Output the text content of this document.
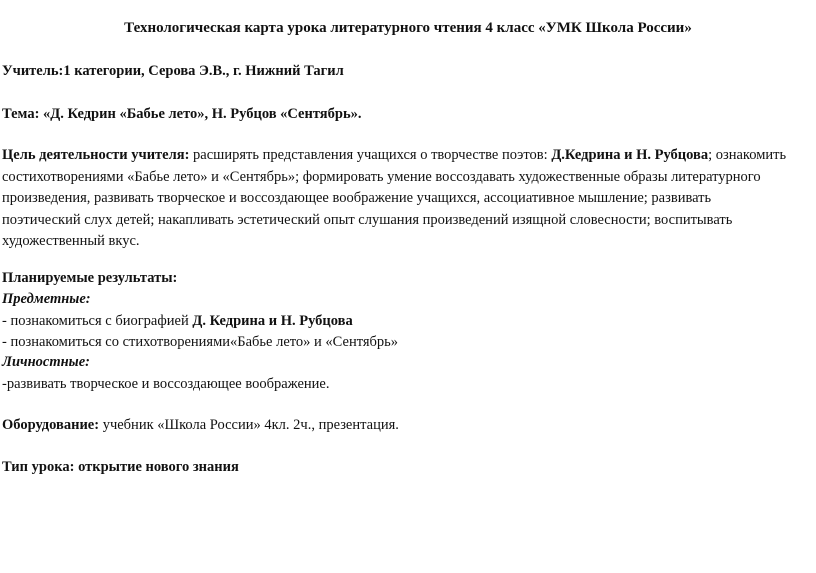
Технологическая карта урока литературного чтения 4 класс «УМК Школа России»
Учитель:1 категории, Серова Э.В., г. Нижний Тагил
Тема: «Д. Кедрин «Бабье лето», Н. Рубцов «Сентябрь».
Цель деятельности учителя: расширять представления учащихся о творчестве поэтов: Д.Кедрина и Н. Рубцова; ознакомить состихотворениями «Бабье лето» и «Сентябрь»; формировать умение воссоздавать художественные образы литературного произведения, развивать творческое и воссоздающее воображение учащихся, ассоциативное мышление; развивать поэтический слух детей; накапливать эстетический опыт слушания произведений изящной словесности; воспитывать художественный вкус.
Планируемые результаты:
Предметные:
- познакомиться с биографией Д. Кедрина и Н. Рубцова
- познакомиться со стихотворениями«Бабье лето» и «Сентябрь»
Личностные:
-развивать творческое и воссоздающее воображение.
Оборудование: учебник «Школа России» 4кл. 2ч., презентация.
Тип урока: открытие нового знания
